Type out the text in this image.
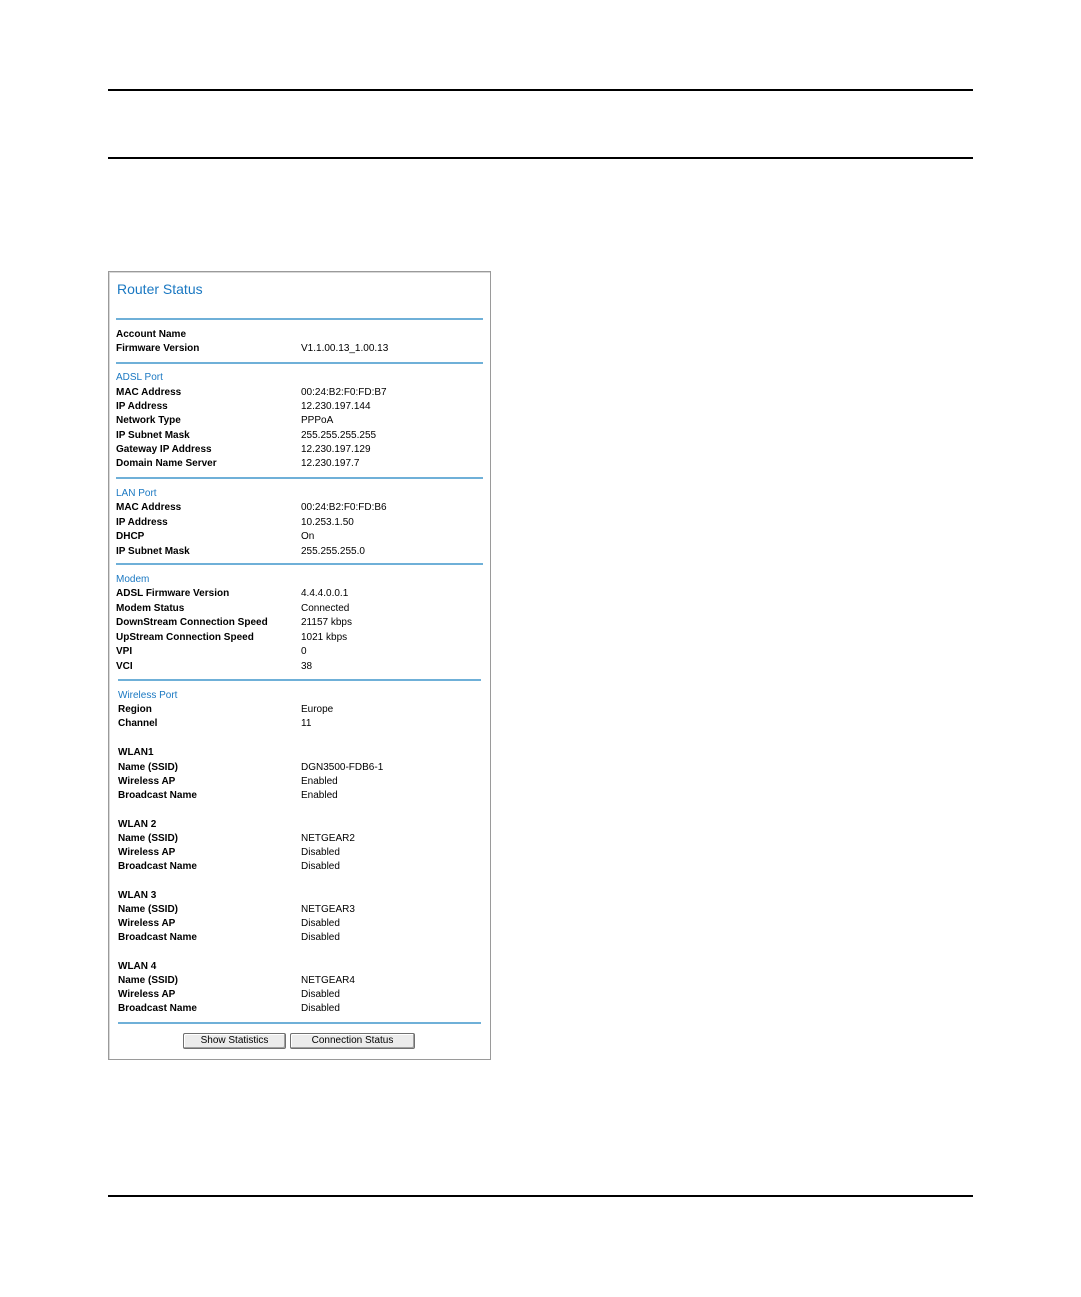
Router Status
Account Name
Firmware Version	V1.1.00.13_1.00.13
ADSL Port
MAC Address	00:24:B2:F0:FD:B7
IP Address	12.230.197.144
Network Type	PPPoA
IP Subnet Mask	255.255.255.255
Gateway IP Address	12.230.197.129
Domain Name Server	12.230.197.7
LAN Port
MAC Address	00:24:B2:F0:FD:B6
IP Address	10.253.1.50
DHCP	On
IP Subnet Mask	255.255.255.0
Modem
ADSL Firmware Version	4.4.4.0.0.1
Modem Status	Connected
DownStream Connection Speed	21157 kbps
UpStream Connection Speed	1021 kbps
VPI	0
VCI	38
Wireless Port
Region	Europe
Channel	11
WLAN1
Name (SSID)	DGN3500-FDB6-1
Wireless AP	Enabled
Broadcast Name	Enabled
WLAN 2
Name (SSID)	NETGEAR2
Wireless AP	Disabled
Broadcast Name	Disabled
WLAN 3
Name (SSID)	NETGEAR3
Wireless AP	Disabled
Broadcast Name	Disabled
WLAN 4
Name (SSID)	NETGEAR4
Wireless AP	Disabled
Broadcast Name	Disabled
Show Statistics	Connection Status
